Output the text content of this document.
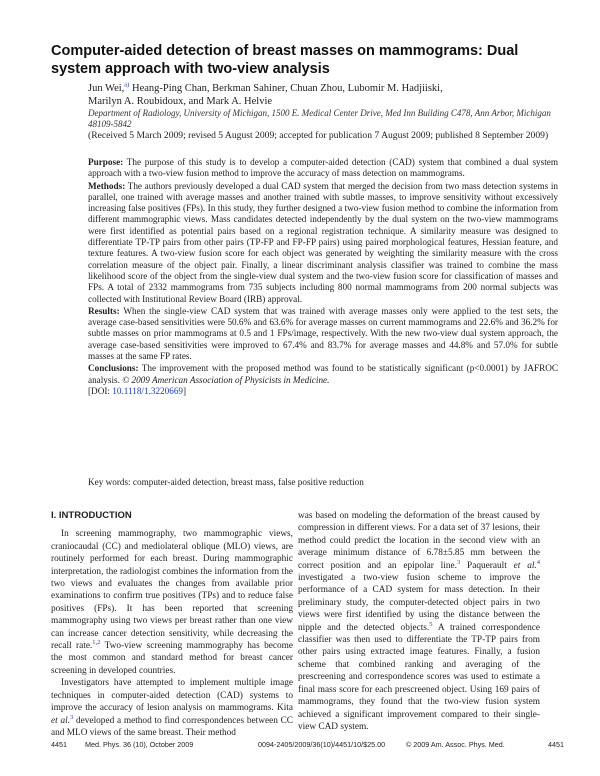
Computer-aided detection of breast masses on mammograms: Dual system approach with two-view analysis
Jun Wei,$^{a)}$ Heang-Ping Chan, Berkman Sahiner, Chuan Zhou, Lubomir M. Hadjiiski,
Marilyn A. Roubidoux, and Mark A. Helvie
Department of Radiology, University of Michigan, 1500 E. Medical Center Drive, Med Inn Building C478, Ann Arbor, Michigan 48109-5842
(Received 5 March 2009; revised 5 August 2009; accepted for publication 7 August 2009; published 8 September 2009)

Purpose: The purpose of this study is to develop a computer-aided detection (CAD) system that combined a dual system approach with a two-view fusion method to improve the accuracy of mass detection on mammograms.

Methods: The authors previously developed a dual CAD system that merged the decision from two mass detection systems in parallel, one trained with average masses and another trained with subtle masses, to improve sensitivity without excessively increasing false positives (FPs). In this study, they further designed a two-view fusion method to combine the information from different mammographic views. Mass candidates detected independently by the dual system on the two-view mammograms were first identified as potential pairs based on a regional registration technique. A similarity measure was designed to differentiate TP-TP pairs from other pairs (TP-FP and FP-FP pairs) using paired morphological features, Hessian feature, and texture features. A two-view fusion score for each object was generated by weighting the similarity measure with the cross correlation measure of the object pair. Finally, a linear discriminant analysis classifier was trained to combine the mass likelihood score of the object from the single-view dual system and the two-view fusion score for classification of masses and FPs. A total of 2332 mammograms from 735 subjects including 800 normal mammograms from 200 normal subjects was collected with Institutional Review Board (IRB) approval.

Results: When the single-view CAD system that was trained with average masses only were applied to the test sets, the average case-based sensitivities were 50.6% and 63.6% for average masses on current mammograms and 22.6% and 36.2% for subtle masses on prior mammograms at 0.5 and 1 FPs/image, respectively. With the new two-view dual system approach, the average case-based sensitivities were improved to 67.4% and 83.7% for average masses and 44.8% and 57.0% for subtle masses at the same FP rates.

Conclusions: The improvement with the proposed method was found to be statistically significant (p<0.0001) by JAFROC analysis. © 2009 American Association of Physicists in Medicine.
[DOI: 10.1118/1.3220669]

Key words: computer-aided detection, breast mass, false positive reduction
I. INTRODUCTION

In screening mammography, two mammographic views, craniocaudal (CC) and mediolateral oblique (MLO) views, are routinely performed for each breast. During mammographic interpretation, the radiologist combines the information from the two views and evaluates the changes from available prior examinations to confirm true positives (TPs) and to reduce false positives (FPs). It has been reported that screening mammography using two views per breast rather than one view can increase cancer detection sensitivity, while decreasing the recall rate.$^{1,2}$ Two-view screening mammography has become the most common and standard method for breast cancer screening in developed countries.

Investigators have attempted to implement multiple image techniques in computer-aided detection (CAD) systems to improve the accuracy of lesion analysis on mammograms. Kita et al.$^3$ developed a method to find correspondences between CC and MLO views of the same breast. Their method

was based on modeling the deformation of the breast caused by compression in different views. For a data set of 37 lesions, their method could predict the location in the second view with an average minimum distance of 6.78±5.85 mm between the correct position and an epipolar line.$^3$ Paquerault et al.$^4$ investigated a two-view fusion scheme to improve the performance of a CAD system for mass detection. In their preliminary study, the computer-detected object pairs in two views were first identified by using the distance between the nipple and the detected objects.$^5$ A trained correspondence classifier was then used to differentiate the TP-TP pairs from other pairs using extracted image features. Finally, a fusion scheme that combined ranking and averaging of the prescreening and correspondence scores was used to estimate a final mass score for each prescreened object. Using 169 pairs of mammograms, they found that the two-view fusion system achieved a significant improvement compared to their single-view CAD system.

4451	Med. Phys. 36 (10), October 2009	0094-2405/2009/36(10)/4451/10/$25.00	© 2009 Am. Assoc. Phys. Med.	4451
